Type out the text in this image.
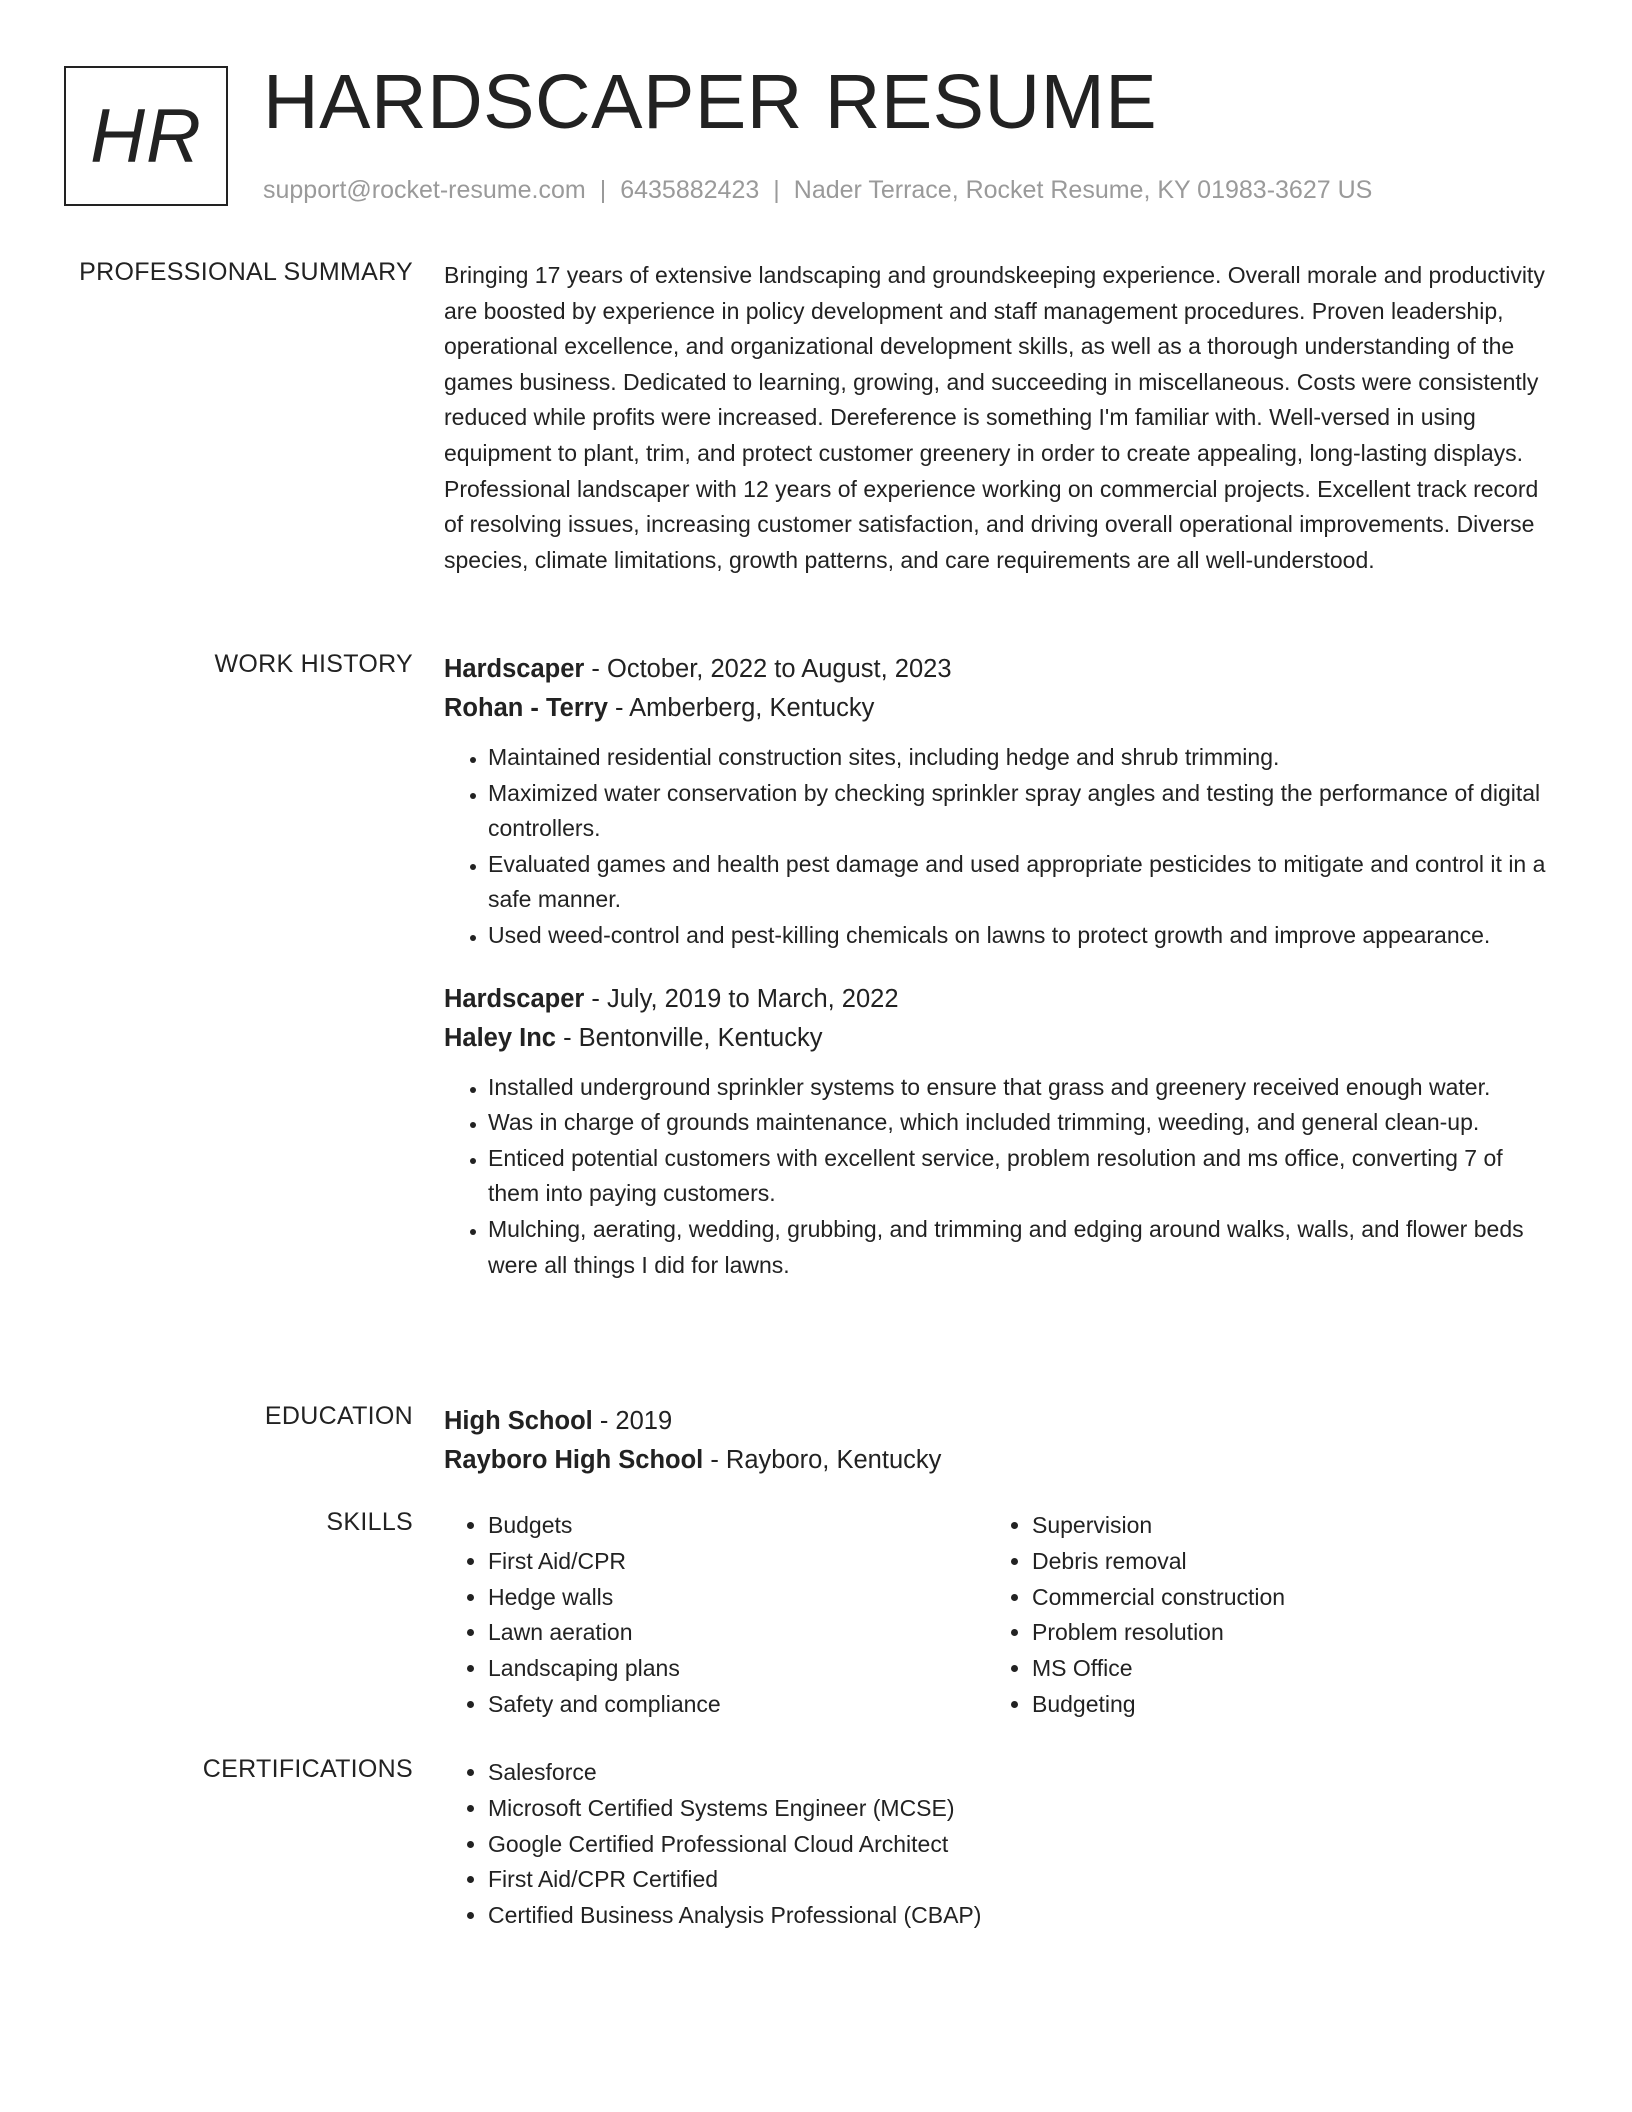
HR HARDSCAPER RESUME
support@rocket-resume.com | 6435882423 | Nader Terrace, Rocket Resume, KY 01983-3627 US
PROFESSIONAL SUMMARY Bringing 17 years of extensive landscaping and groundskeeping experience. Overall morale and productivity are boosted by experience in policy development and staff management procedures. Proven leadership, operational excellence, and organizational development skills, as well as a thorough understanding of the games business. Dedicated to learning, growing, and succeeding in miscellaneous. Costs were consistently reduced while profits were increased. Dereference is something I'm familiar with. Well-versed in using equipment to plant, trim, and protect customer greenery in order to create appealing, long-lasting displays. Professional landscaper with 12 years of experience working on commercial projects. Excellent track record of resolving issues, increasing customer satisfaction, and driving overall operational improvements. Diverse species, climate limitations, growth patterns, and care requirements are all well-understood.

WORK HISTORY Hardscaper - October, 2022 to August, 2023
Rohan - Terry - Amberberg, Kentucky
• Maintained residential construction sites, including hedge and shrub trimming.
• Maximized water conservation by checking sprinkler spray angles and testing the performance of digital controllers.
• Evaluated games and health pest damage and used appropriate pesticides to mitigate and control it in a safe manner.
• Used weed-control and pest-killing chemicals on lawns to protect growth and improve appearance.
Hardscaper - July, 2019 to March, 2022
Haley Inc - Bentonville, Kentucky
• Installed underground sprinkler systems to ensure that grass and greenery received enough water.
• Was in charge of grounds maintenance, which included trimming, weeding, and general clean-up.
• Enticed potential customers with excellent service, problem resolution and ms office, converting 7 of them into paying customers.
• Mulching, aerating, wedding, grubbing, and trimming and edging around walks, walls, and flower beds were all things I did for lawns.
EDUCATION High School - 2019
Rayboro High School - Rayboro, Kentucky
SKILLS	• Budgets
• First Aid/CPR
• Hedge walls
• Lawn aeration
• Landscaping plans
• Safety and compliance
• Supervision
• Debris removal
• Commercial construction
• Problem resolution
• MS Office
• Budgeting
CERTIFICATIONS	• Salesforce
• Microsoft Certified Systems Engineer (MCSE)
• Google Certified Professional Cloud Architect
• First Aid/CPR Certified
• Certified Business Analysis Professional (CBAP)
